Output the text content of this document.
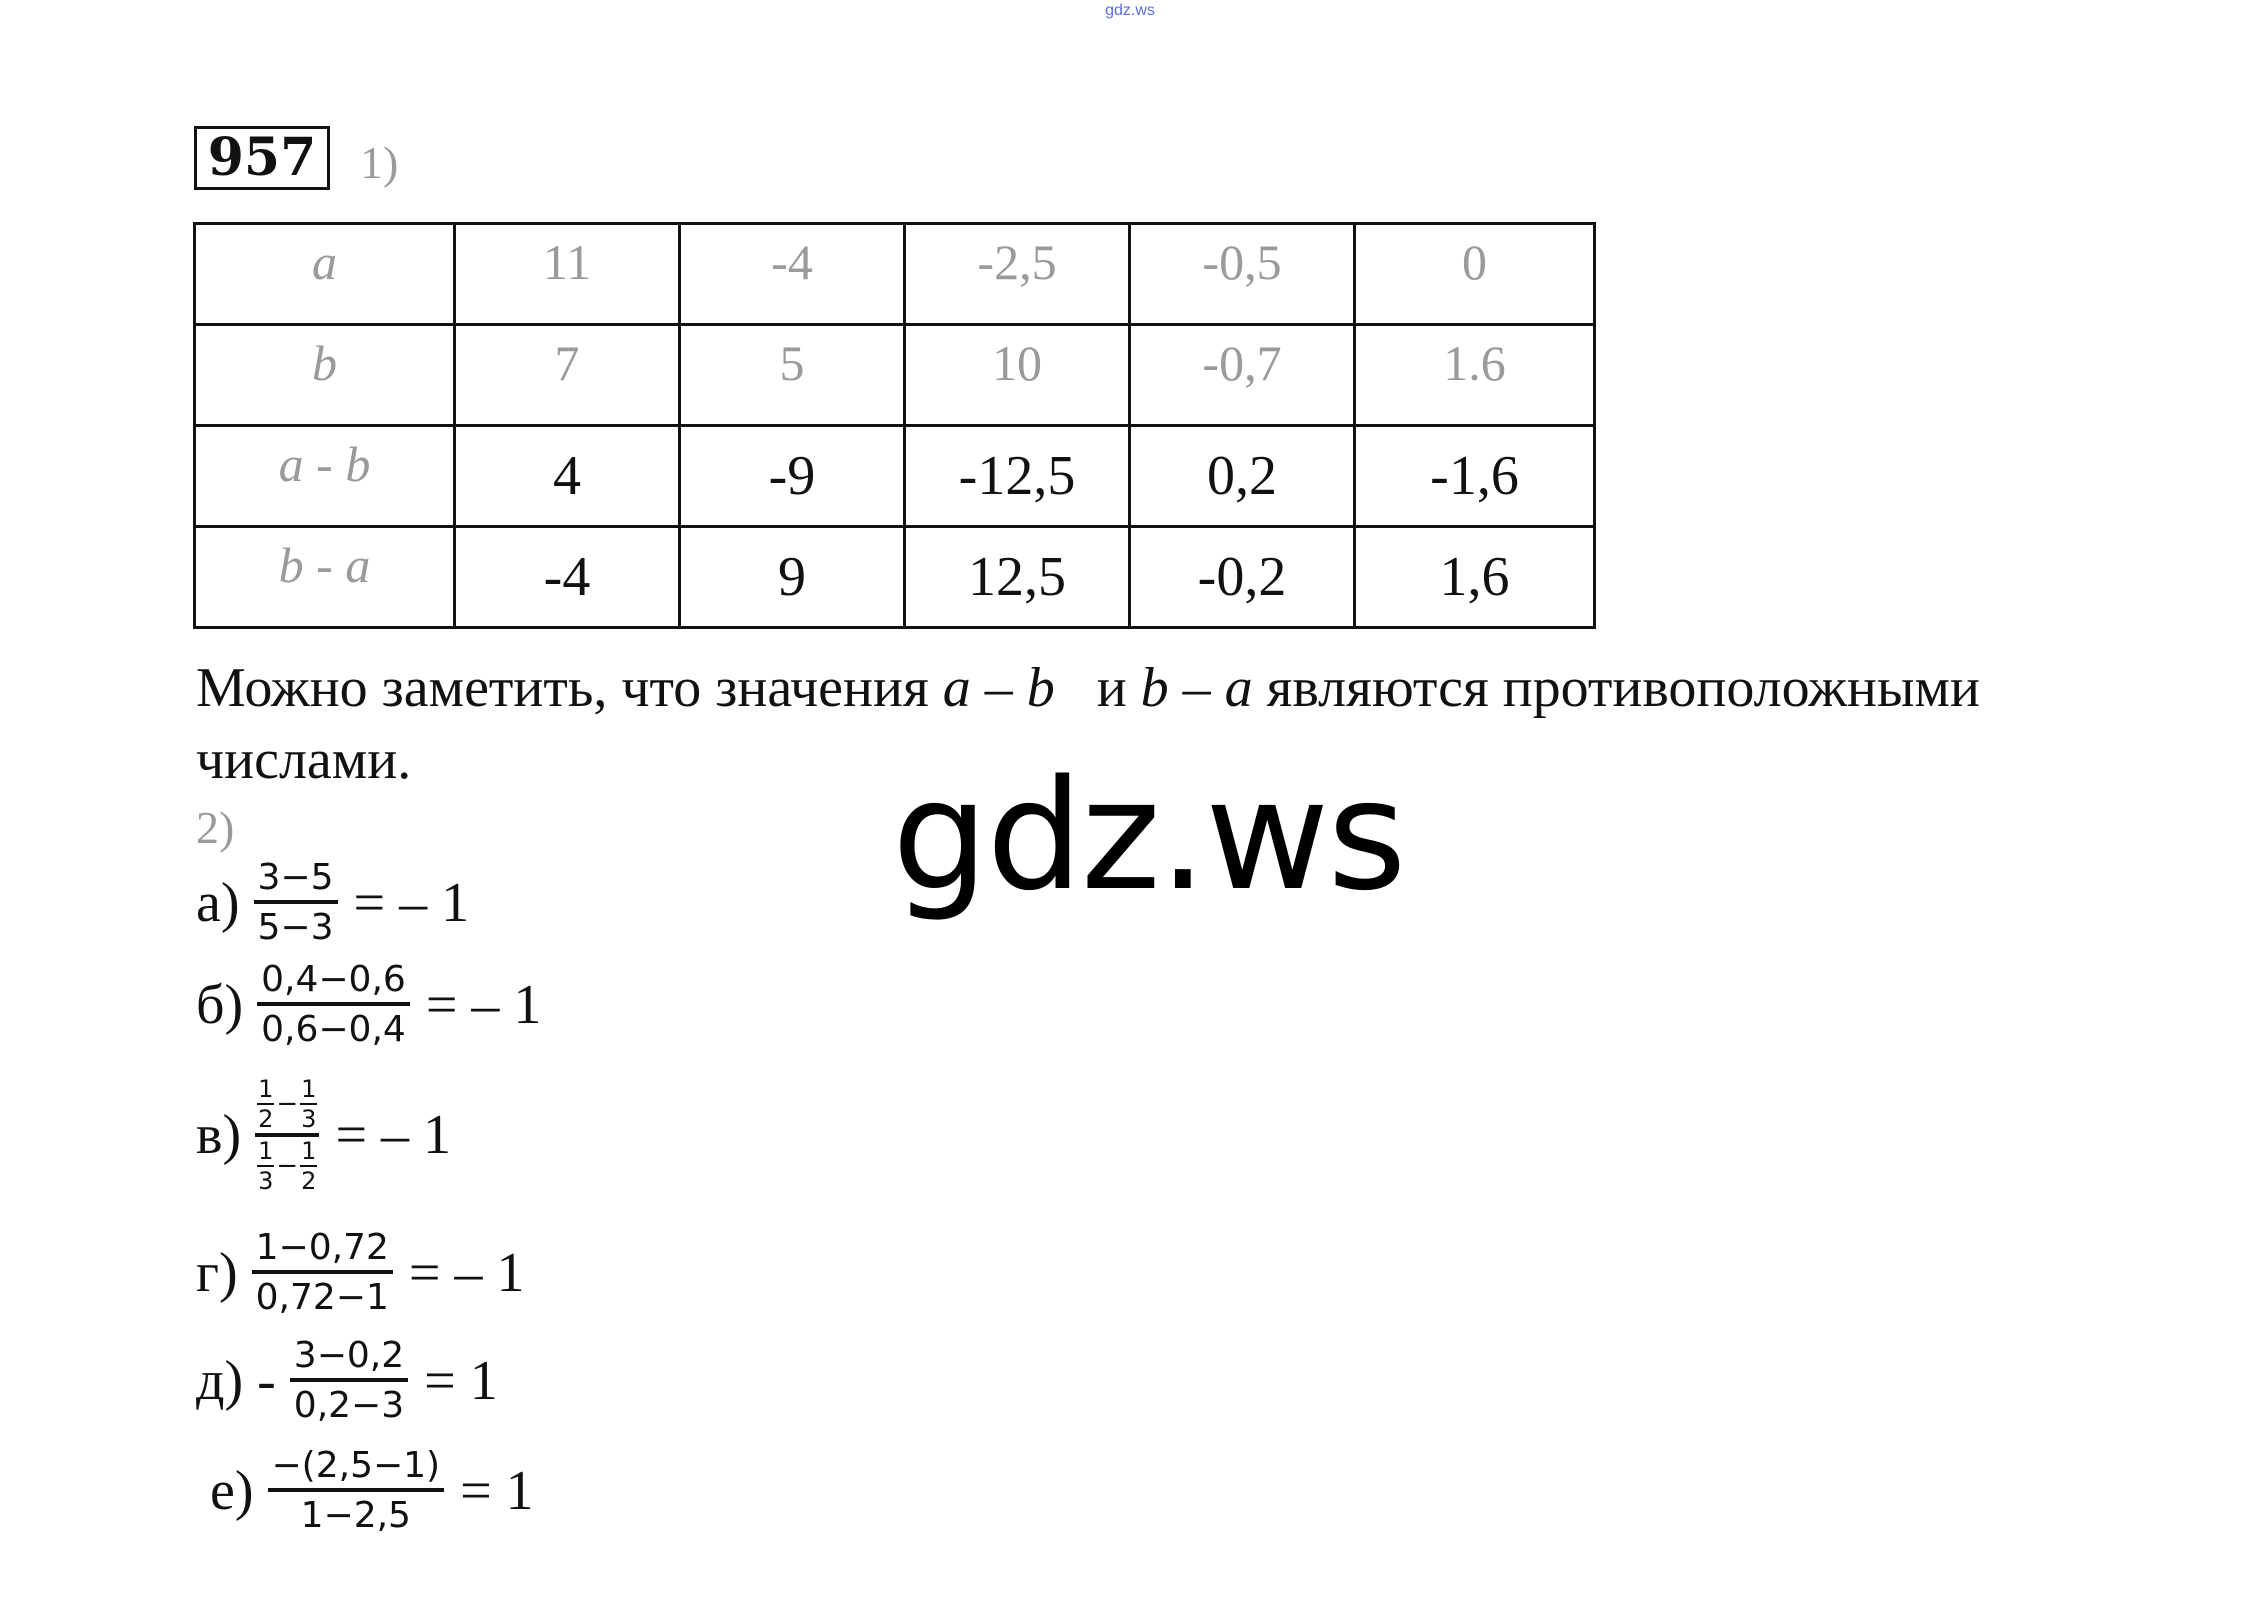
gdz.ws
957 1)
a	11	-4	-2,5	-0,5	0
b	7	5	10	-0,7	1.6
a - b	4	-9	-12,5	0,2	-1,6
b - a	-4	9	12,5	-0,2	1,6
Можно заметить, что значения a – b и b – a являются противоположными числами.
2)	gdz.ws
$а) \frac{3-5}{5-3}$ = – 1
$б) \frac{0,4-0,6}{0,6-0,4}$ = – 1
в) 1
$2 - \frac{1}{3}$
1
$3 - \frac{1}{2}$ = – 1
$г) \frac{1-0,72}{0,72-1}$ = – 1
$д) - \frac{3-0,2}{0,2-3} = 1$
$е) \frac{-(2,5-1)}{1-2,5} = 1$
